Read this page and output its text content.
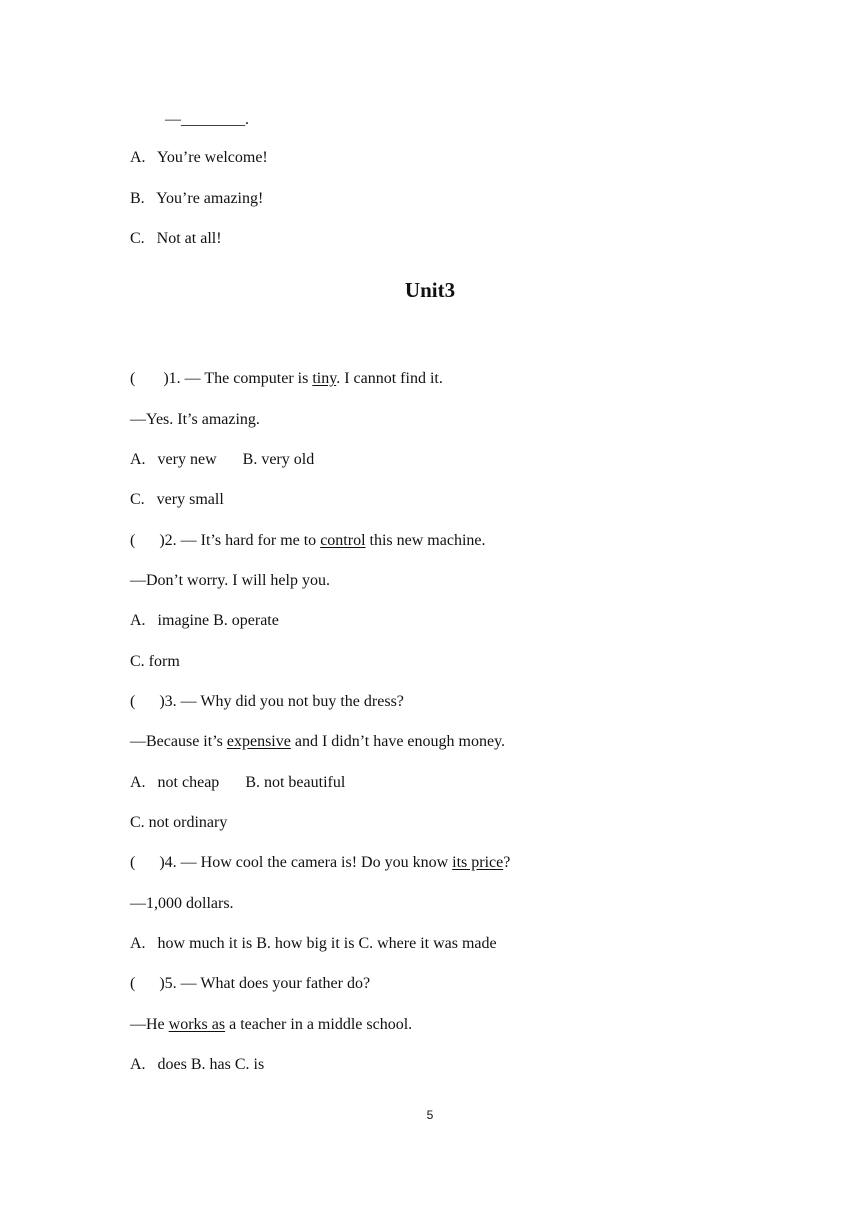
—________.
A.   You’re welcome!
B.   You’re amazing!
C.   Not at all!
Unit3
(       )1. — The computer is tiny. I cannot find it.
—Yes. It’s amazing.
A.   very new B. very old
C.   very small
(      )2. — It’s hard for me to control this new machine.
—Don’t worry. I will help you.
A.   imagine B. operate
C. form
(      )3. — Why did you not buy the dress?
—Because it’s expensive and I didn’t have enough money.
A.   not cheap B. not beautiful
C. not ordinary
(      )4. — How cool the camera is! Do you know its price?
—1,000 dollars.
A.   how much it is B. how big it is C. where it was made
(      )5. — What does your father do?
—He works as a teacher in a middle school.
A.   does B. has C. is
5
